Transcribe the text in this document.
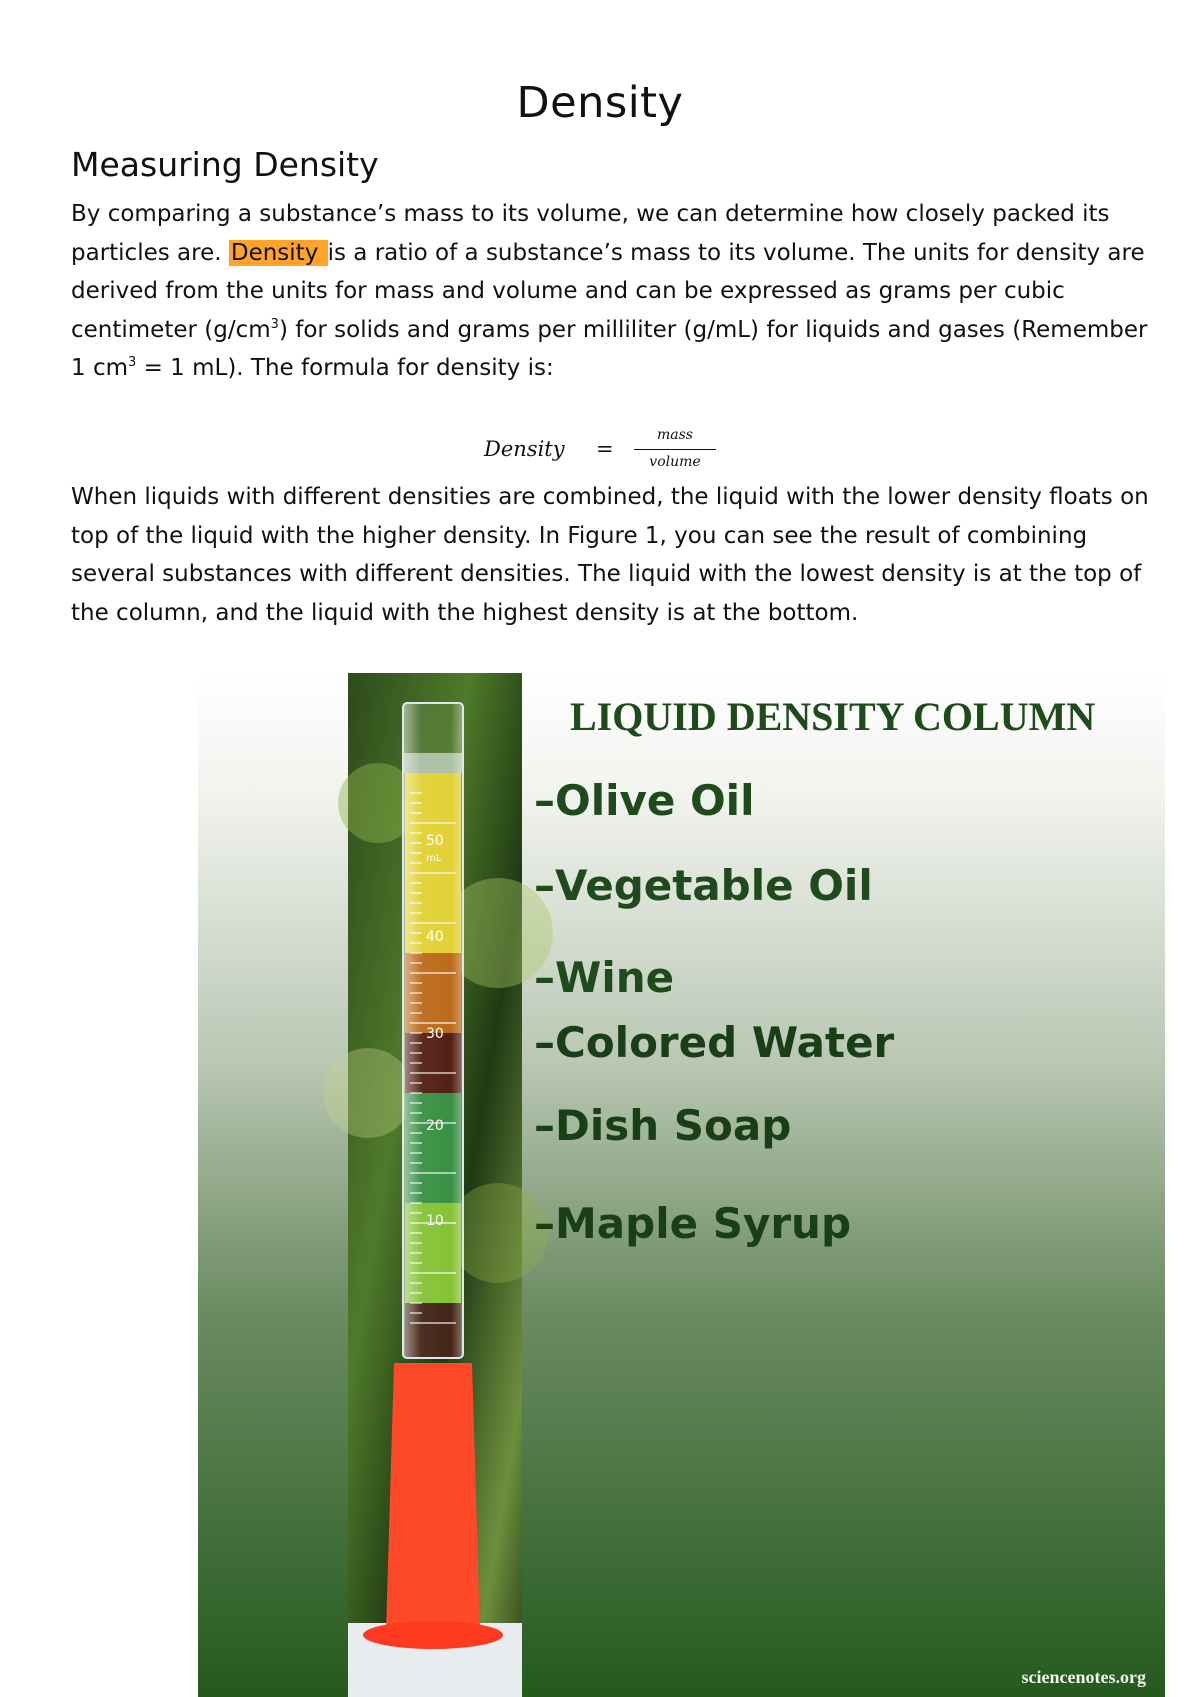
Density
Measuring Density

By comparing a substance’s mass to its volume, we can determine how closely packed its particles are. Density is a ratio of a substance’s mass to its volume. The units for density are derived from the units for mass and volume and can be expressed as grams per cubic centimeter $(g/cm^3)$ for solids and grams per milliliter (g/mL) for liquids and gases (Remember 1 $cm^3 = 1$ mL). The formula for density is:

Density =
mass
volume

When liquids with different densities are combined, the liquid with the lower density floats on top of the liquid with the higher density. In Figure 1, you can see the result of combining several substances with different densities. The liquid with the lowest density is at the top of the column, and the liquid with the highest density is at the bottom.

50
mL
40
30
20
10
LIQUID DENSITY COLUMN
–Olive Oil
–Vegetable Oil
–Wine
–Colored Water
–Dish Soap
–Maple Syrup
sciencenotes.org
